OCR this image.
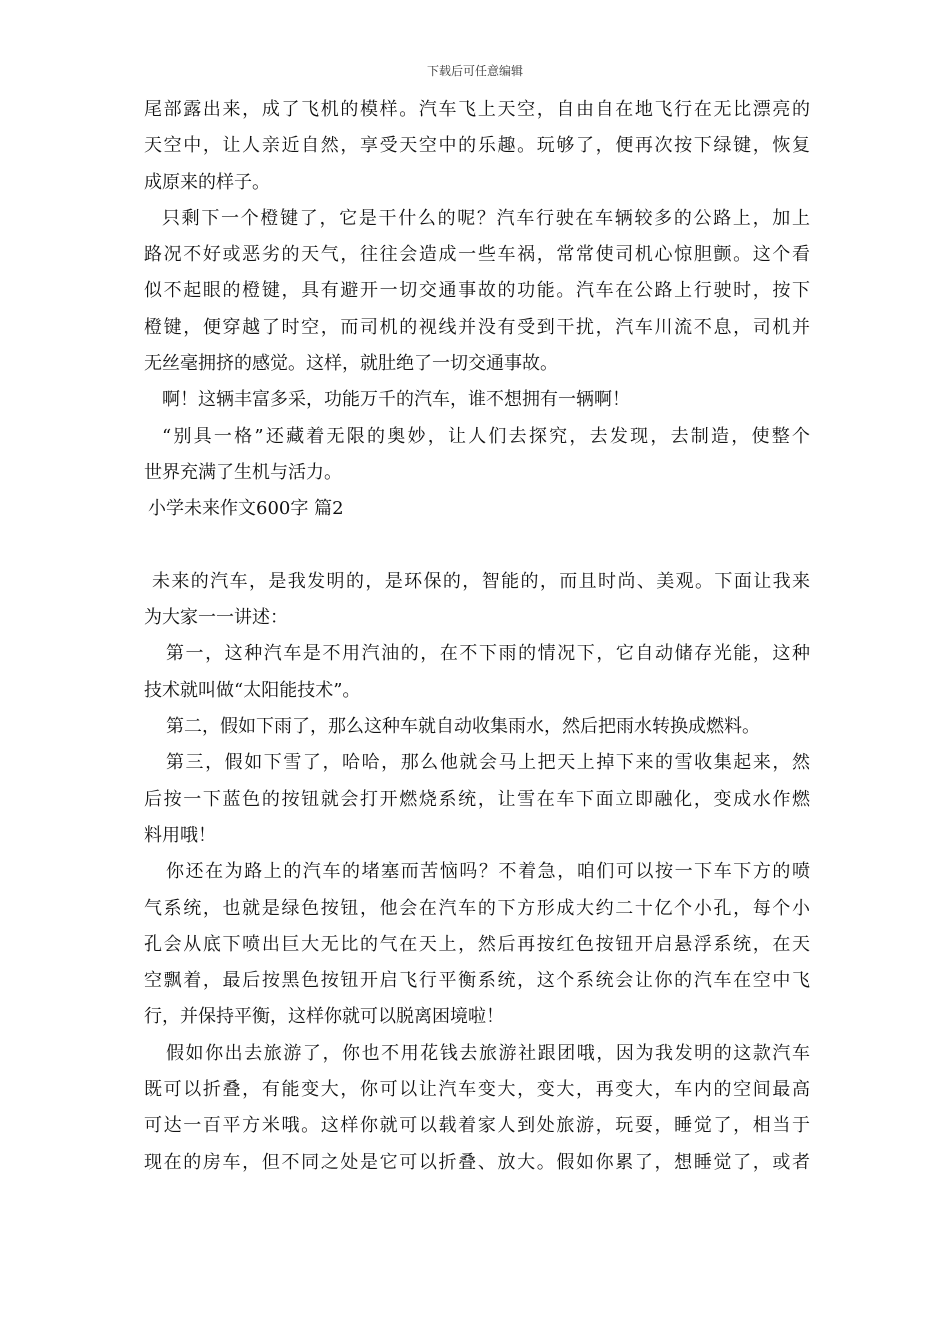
下载后可任意编辑
尾部露出来，成了飞机的模样。汽车飞上天空，自由自在地飞行在无比漂亮的
天空中，让人亲近自然，享受天空中的乐趣。玩够了，便再次按下绿键，恢复
成原来的样子。
只剩下一个橙键了，它是干什么的呢？汽车行驶在车辆较多的公路上，加上
路况不好或恶劣的天气，往往会造成一些车祸，常常使司机心惊胆颤。这个看
似不起眼的橙键，具有避开一切交通事故的功能。汽车在公路上行驶时，按下
橙键，便穿越了时空，而司机的视线并没有受到干扰，汽车川流不息，司机并
无丝毫拥挤的感觉。这样，就肚绝了一切交通事故。
啊！这辆丰富多采，功能万千的汽车，谁不想拥有一辆啊！
“别具一格”还藏着无限的奥妙，让人们去探究，去发现，去制造，使整个
世界充满了生机与活力。
小学未来作文600字 篇2
未来的汽车，是我发明的，是环保的，智能的，而且时尚、美观。下面让我来
为大家一一讲述：
第一，这种汽车是不用汽油的，在不下雨的情况下，它自动储存光能，这种
技术就叫做“太阳能技术”。
第二，假如下雨了，那么这种车就自动收集雨水，然后把雨水转换成燃料。
第三，假如下雪了，哈哈，那么他就会马上把天上掉下来的雪收集起来，然
后按一下蓝色的按钮就会打开燃烧系统，让雪在车下面立即融化，变成水作燃
料用哦！
你还在为路上的汽车的堵塞而苦恼吗？不着急，咱们可以按一下车下方的喷
气系统，也就是绿色按钮，他会在汽车的下方形成大约二十亿个小孔，每个小
孔会从底下喷出巨大无比的气在天上，然后再按红色按钮开启悬浮系统，在天
空飘着，最后按黑色按钮开启飞行平衡系统，这个系统会让你的汽车在空中飞
行，并保持平衡，这样你就可以脱离困境啦！
假如你出去旅游了，你也不用花钱去旅游社跟团哦，因为我发明的这款汽车
既可以折叠，有能变大，你可以让汽车变大，变大，再变大，车内的空间最高
可达一百平方米哦。这样你就可以载着家人到处旅游，玩耍，睡觉了，相当于
现在的房车，但不同之处是它可以折叠、放大。假如你累了，想睡觉了，或者
